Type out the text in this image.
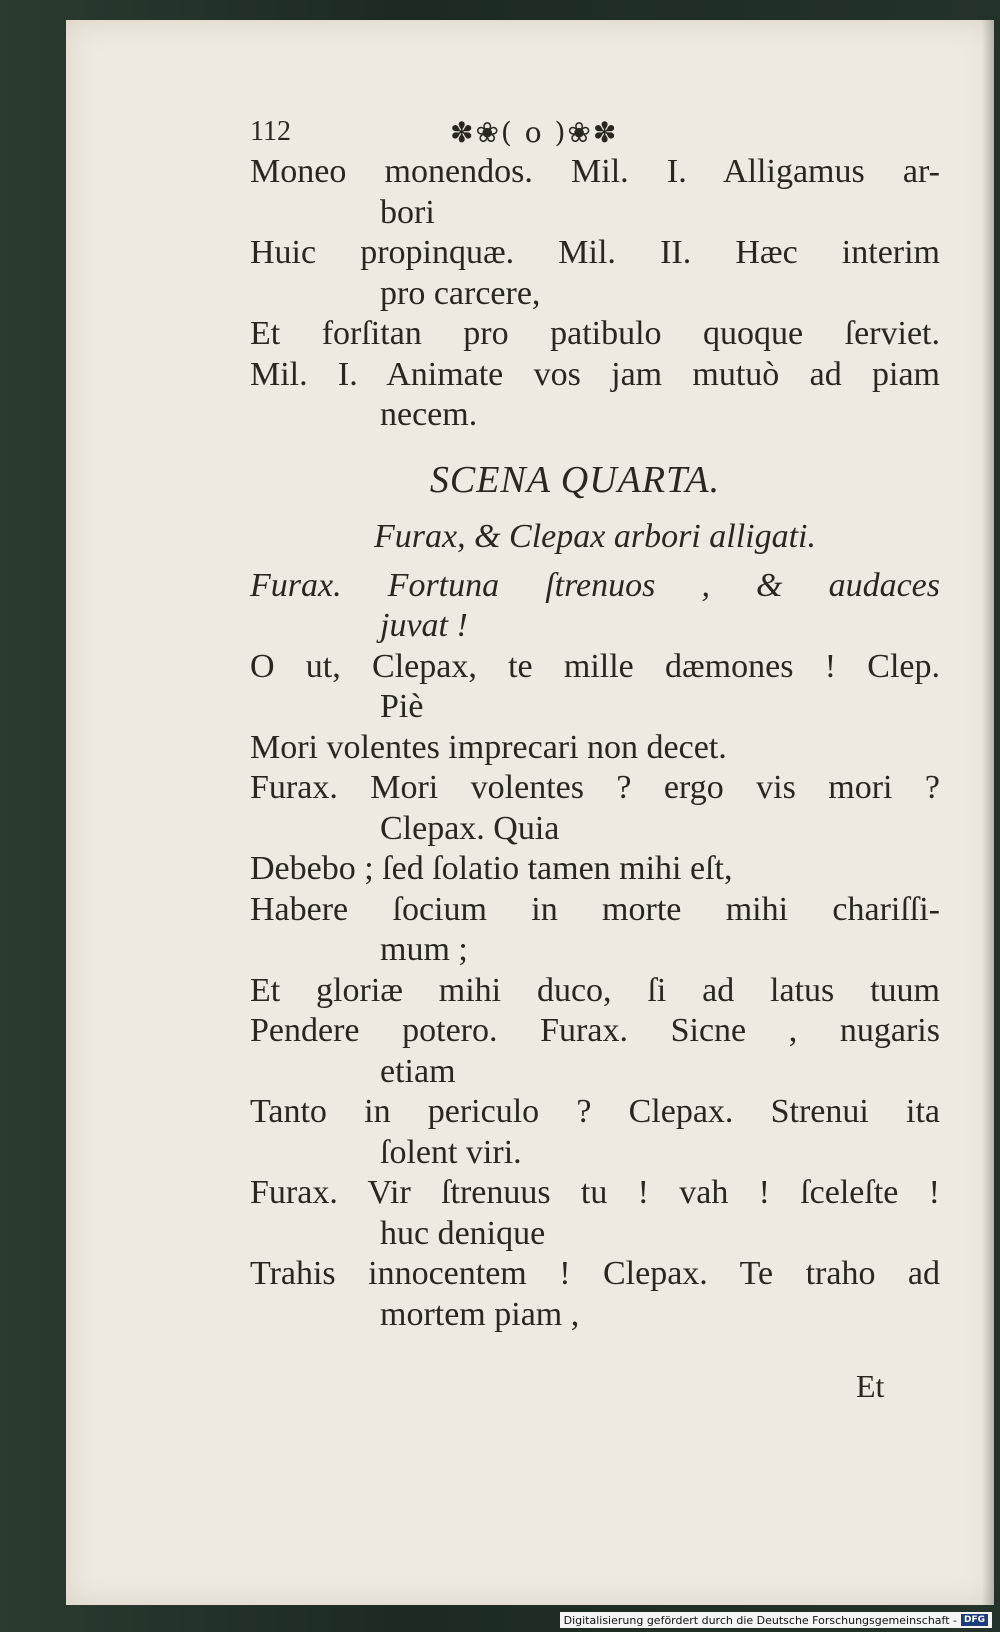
112	✽❀( o )❀✽
Moneo monendos. Mil. I. Alligamus ar-
bori
Huic propinquæ. Mil. II. Hæc interim
pro carcere,
Et forſitan pro patibulo quoque ſerviet.
Mil. I. Animate vos jam mutuò ad piam
necem.
SCENA QUARTA.
Furax, & Clepax arbori alligati.
Furax. Fortuna ſtrenuos , & audaces
juvat !
O ut, Clepax, te mille dæmones ! Clep.
Piè
Mori volentes imprecari non decet.
Furax. Mori volentes ? ergo vis mori ?
Clepax. Quia
Debebo ; ſed ſolatio tamen mihi eſt,
Habere ſocium in morte mihi chariſſi-
mum ;
Et gloriæ mihi duco, ſi ad latus tuum
Pendere potero. Furax. Sicne , nugaris
etiam
Tanto in periculo ? Clepax. Strenui ita
ſolent viri.
Furax. Vir ſtrenuus tu ! vah ! ſceleſte !
huc denique
Trahis innocentem ! Clepax. Te traho ad
mortem piam ,
Et
Digitalisierung gefördert durch die Deutsche Forschungsgemeinschaft - DFG
